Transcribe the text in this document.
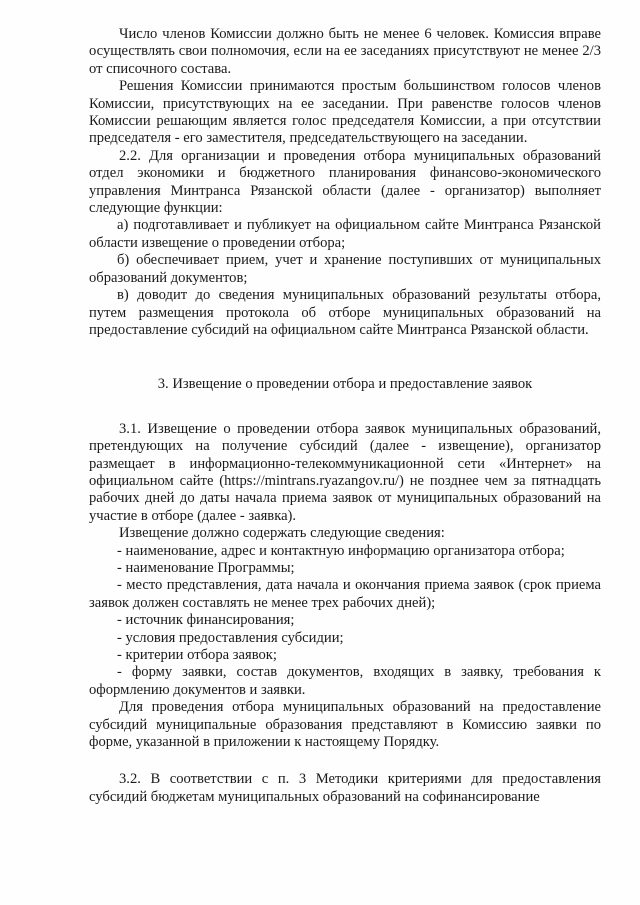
Число членов Комиссии должно быть не менее 6 человек. Комиссия вправе осуществлять свои полномочия, если на ее заседаниях присутствуют не менее 2/3 от списочного состава.

Решения Комиссии принимаются простым большинством голосов членов Комиссии, присутствующих на ее заседании. При равенстве голосов членов Комиссии решающим является голос председателя Комиссии, а при отсутствии председателя - его заместителя, председательствующего на заседании.

2.2. Для организации и проведения отбора муниципальных образований отдел экономики и бюджетного планирования финансово-экономического управления Минтранса Рязанской области (далее - организатор) выполняет следующие функции:

а) подготавливает и публикует на официальном сайте Минтранса Рязанской области извещение о проведении отбора;

б) обеспечивает прием, учет и хранение поступивших от муниципальных образований документов;

в) доводит до сведения муниципальных образований результаты отбора, путем размещения протокола об отборе муниципальных образований на предоставление субсидий на официальном сайте Минтранса Рязанской области.

3. Извещение о проведении отбора и предоставление заявок

3.1. Извещение о проведении отбора заявок муниципальных образований, претендующих на получение субсидий (далее - извещение), организатор размещает в информационно-телекоммуникационной сети «Интернет» на официальном сайте (https://mintrans.ryazangov.ru/) не позднее чем за пятнадцать рабочих дней до даты начала приема заявок от муниципальных образований на участие в отборе (далее - заявка).

Извещение должно содержать следующие сведения:

- наименование, адрес и контактную информацию организатора отбора;

- наименование Программы;

- место представления, дата начала и окончания приема заявок (срок приема заявок должен составлять не менее трех рабочих дней);

- источник финансирования;

- условия предоставления субсидии;

- критерии отбора заявок;

- форму заявки, состав документов, входящих в заявку, требования к оформлению документов и заявки.

Для проведения отбора муниципальных образований на предоставление субсидий муниципальные образования представляют в Комиссию заявки по форме, указанной в приложении к настоящему Порядку.

3.2. В соответствии с п. 3 Методики критериями для предоставления субсидий бюджетам муниципальных образований на софинансирование
